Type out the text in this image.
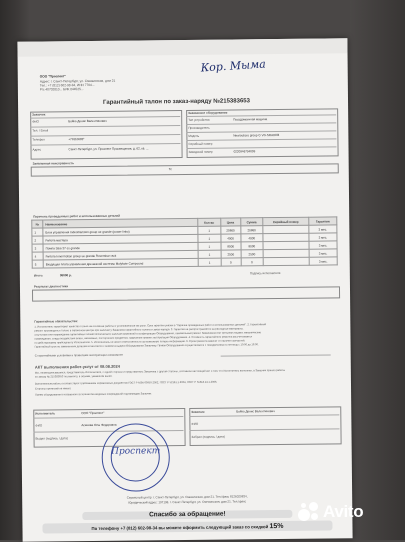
ООО "Проспект"
Адрес: г. Санкт-Петербург, ул. Смежинская, дом 21
Тел.: +7 (812) 602-98-34, ИНН 7704...
Р/с 40702810... БИК 044525...
Кор. Мыма
Гарантийный талон по заказ-наряду №215383653
Заказчик
ФИО	Бойко Денис Валентинович
Тел. / Email
Телефон	+79110683*
Адрес	Санкт-Петербург, ул. Проспект Просвещения, д. 62, кв. ...
Заказанное оборудование
Тип устройства	Посудомоечная машина
Производитель
Модель	Nearoubcro group G VG-SRAHKB
Серийный номер
Заводской номер	0220946794009
Заявленная неисправность
Тс
Перечень проведенных работ и использованных деталей
№	Наименование	Кол-во	Цена	Сумма	Серийный номер	Гарантия
1	Блок управления Indesit/ariston group ue grande (power linko)	1	20860	20860		3 мес.
2	Работа мастера	1	4000	4000		3 мес.
3	Помпа Siba 37-ss grande	1	8000	8000		3 мес.
4	Работа Innermotion group ue grande Rovembar rack	1	2500	2500		3 мес.
5	Входящая плата управления дренажной системы Molykote Compound	1	0	0		3 мес.
Итого:	36000 р.	Подпись исполнителя
Результат диагностики
Гарантийные обязательства:
1. Исполнитель гарантирует качество только на основные работы и установленные им узлы. Срок гарантии указан в "Перечне проведенных работ и использованных деталей". 2. Гарантийный
ремонт производится только в сервисном центре при наличии у Заказчика гарантийного талона и заказ-наряда. 3. Гарантия не распространяется на расходные материалы,
отсутствие или повреждение гарантийных пломб Исполнителя; наличие изменений в конфигурации Оборудования, самовольный ремонт Заказчиком или третьими лицами; механические
повреждения, следы воздействия влаги, насекомых, посторонних предметов; нарушение правил эксплуатации Оборудования. 4. Стоимость гарантийного ремонта рассчитывается
по действующему прейскуранту Исполнителя. 5. Исполнитель не несет ответственности за возможную потерю информации. 6. Сроки ремонта зависят от наличия запчастей.
Гарантийный срок по замененным деталям исчисляется с момента выдачи Оборудования Заказчику. Приём Оборудования осуществляется с понедельника по пятницу с 10:00 до 19:00.
С гарантийными условиями и правилами эксплуатации ознакомлен
АКТ выполнения работ-услуг от 08.08.2024
Мы, нижеподписавшиеся, представитель Исполнителя, с одной стороны и представитель Заказчика с другой стороны, составили настоящий акт о том, что Исполнитель выполнил, а Заказчик принял работы
по заказу № 215383653 по ремонту, в объеме, указанном выше.
Выполненные работы соответствуют требованиям нормативных документов ГОСТ Р МЭК 60950-2002, ГОСТ Р 52161.1-2004, ГОСТ Р 51318.14.1-2006.
Стороны претензий не имеют.
Прием оборудования в исправном состоянии без видимых повреждений подтверждаю Заказчик
Исполнитель	ООО "Проспект"
ФИО	Асанова Олы Федоровна
Выдал (подпись / дата)
Заказчик	Бойко Денис Валентинович
ФИО
Забрал (подпись / дата)
Проспект
Сервисный центр: г. Санкт-Петербург, ул. Смежинская, дом 21. Тел./факс 8126029834,
Юридический адрес: 197198, г. Санкт-Петербург, ул. Смежинская, дом 21. Тел./факс
Спасибо за обращение!
По телефону +7 (812) 602-98-34 вы можете оформить следующий заказ со скидкой 15%
Avito
